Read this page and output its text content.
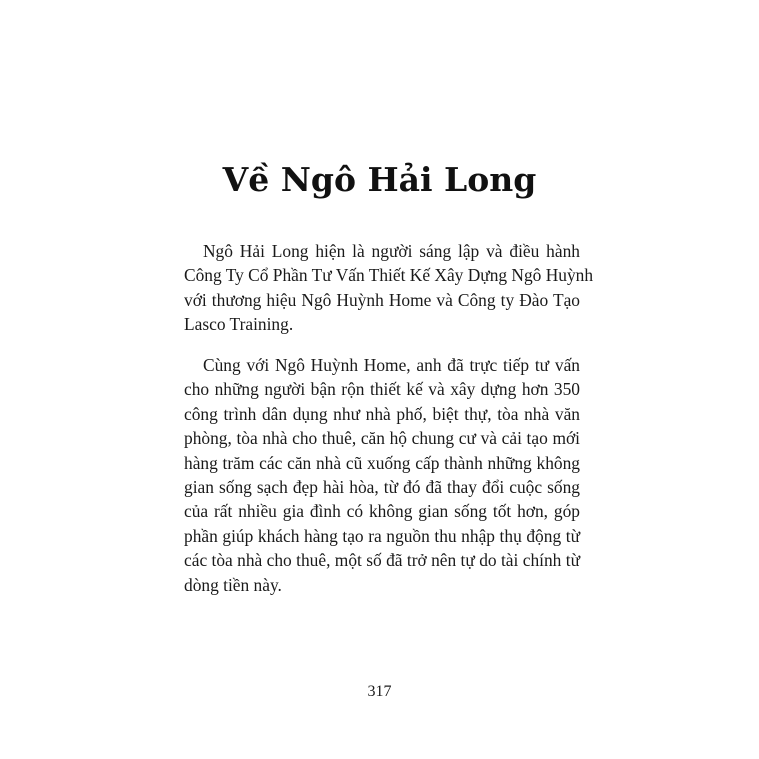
Về Ngô Hải Long

Ngô Hải Long hiện là người sáng lập và điều hành
Công Ty Cổ Phần Tư Vấn Thiết Kế Xây Dựng Ngô Huỳnh
với thương hiệu Ngô Huỳnh Home và Công ty Đào Tạo
Lasco Training.

Cùng với Ngô Huỳnh Home, anh đã trực tiếp tư vấn
cho những người bận rộn thiết kế và xây dựng hơn 350
công trình dân dụng như nhà phố, biệt thự, tòa nhà văn
phòng, tòa nhà cho thuê, căn hộ chung cư và cải tạo mới
hàng trăm các căn nhà cũ xuống cấp thành những không
gian sống sạch đẹp hài hòa, từ đó đã thay đổi cuộc sống
của rất nhiều gia đình có không gian sống tốt hơn, góp
phần giúp khách hàng tạo ra nguồn thu nhập thụ động từ
các tòa nhà cho thuê, một số đã trở nên tự do tài chính từ
dòng tiền này.

317
